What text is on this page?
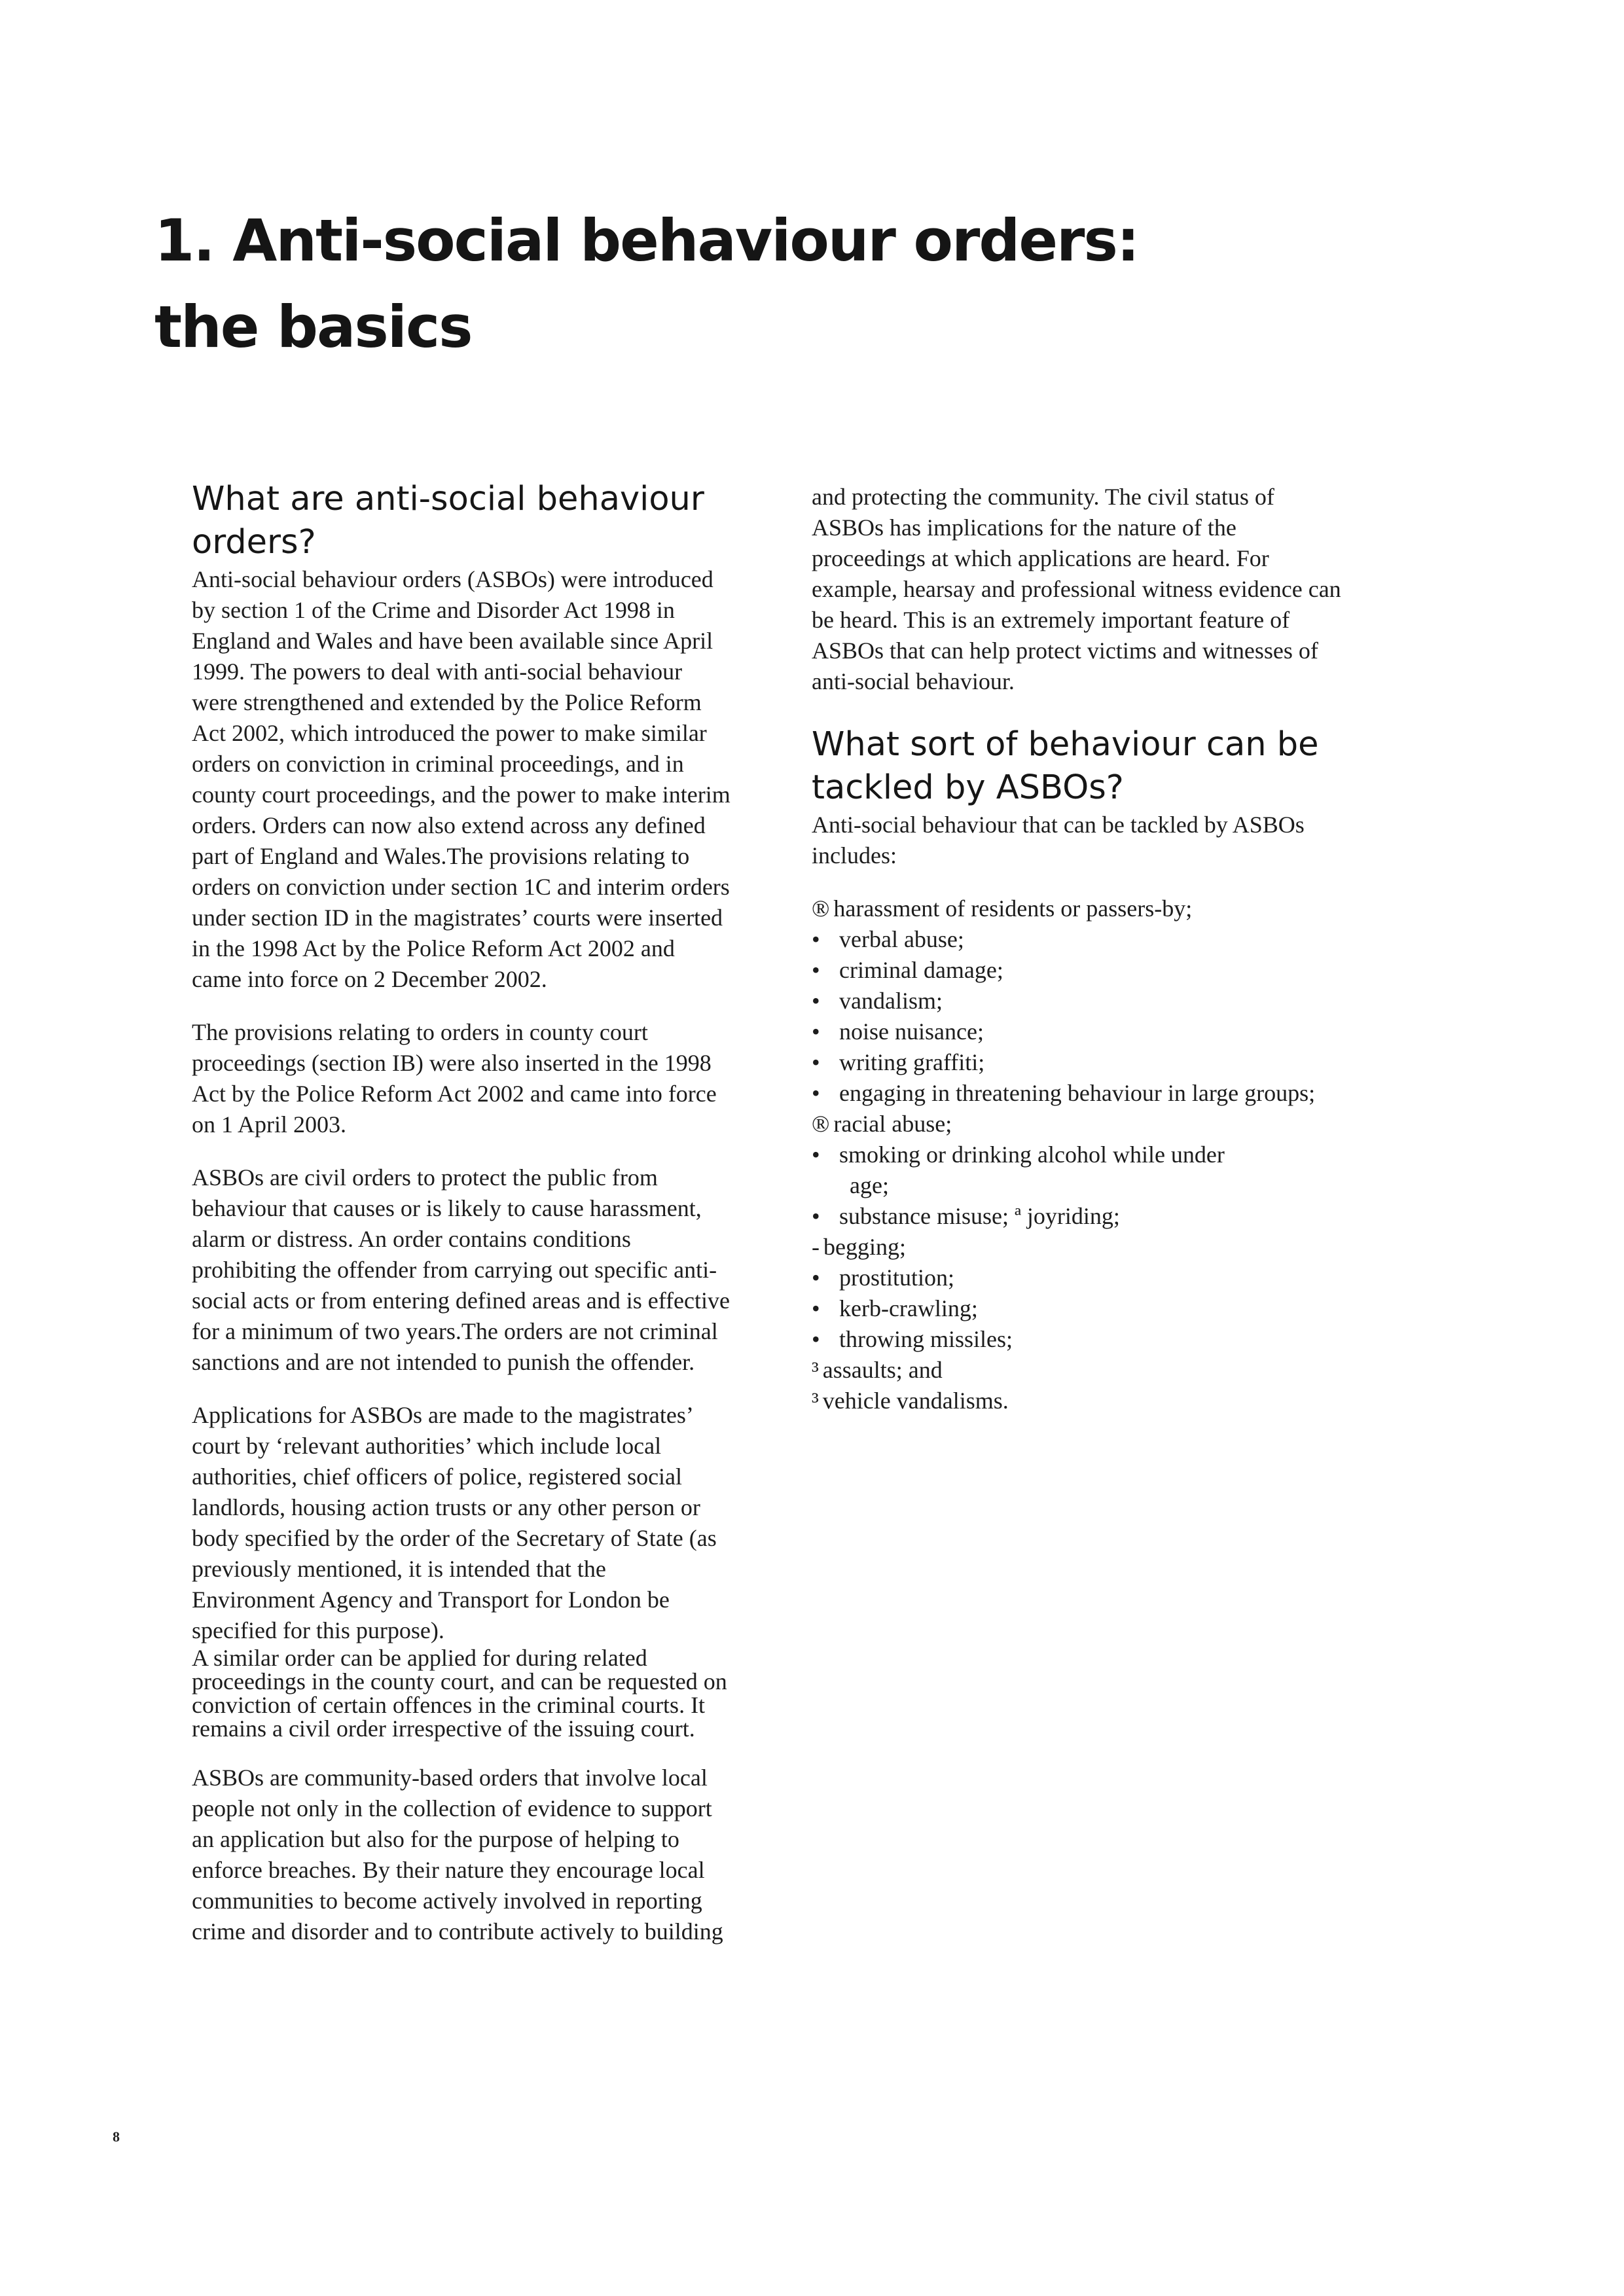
1. Anti-social behaviour orders:
the basics
What are anti-social behaviour
orders?
Anti-social behaviour orders (ASBOs) were introduced
by section 1 of the Crime and Disorder Act 1998 in
England and Wales and have been available since April
1999. The powers to deal with anti-social behaviour
were strengthened and extended by the Police Reform
Act 2002, which introduced the power to make similar
orders on conviction in criminal proceedings, and in
county court proceedings, and the power to make interim
orders. Orders can now also extend across any defined
part of England and Wales.The provisions relating to
orders on conviction under section 1C and interim orders
under section ID in the magistrates’ courts were inserted
in the 1998 Act by the Police Reform Act 2002 and
came into force on 2 December 2002.
The provisions relating to orders in county court
proceedings (section IB) were also inserted in the 1998
Act by the Police Reform Act 2002 and came into force
on 1 April 2003.
ASBOs are civil orders to protect the public from
behaviour that causes or is likely to cause harassment,
alarm or distress. An order contains conditions
prohibiting the offender from carrying out specific anti-
social acts or from entering defined areas and is effective
for a minimum of two years.The orders are not criminal
sanctions and are not intended to punish the offender.
Applications for ASBOs are made to the magistrates’
court by ‘relevant authorities’ which include local
authorities, chief officers of police, registered social
landlords, housing action trusts or any other person or
body specified by the order of the Secretary of State (as
previously mentioned, it is intended that the
Environment Agency and Transport for London be
specified for this purpose).
A similar order can be applied for during related
proceedings in the county court, and can be requested on
conviction of certain offences in the criminal courts. It
remains a civil order irrespective of the issuing court.
ASBOs are community-based orders that involve local
people not only in the collection of evidence to support
an application but also for the purpose of helping to
enforce breaches. By their nature they encourage local
communities to become actively involved in reporting
crime and disorder and to contribute actively to building
and protecting the community. The civil status of
ASBOs has implications for the nature of the
proceedings at which applications are heard. For
example, hearsay and professional witness evidence can
be heard. This is an extremely important feature of
ASBOs that can help protect victims and witnesses of
anti-social behaviour.
What sort of behaviour can be
tackled by ASBOs?
Anti-social behaviour that can be tackled by ASBOs
includes:
® harassment of residents or passers-by;
• verbal abuse;
• criminal damage;
• vandalism;
• noise nuisance;
• writing graffiti;
• engaging in threatening behaviour in large groups;
® racial abuse;
• smoking or drinking alcohol while under
age;
• substance misuse; ª joyriding;
- begging;
• prostitution;
• kerb-crawling;
• throwing missiles;
³ assaults; and
³ vehicle vandalisms.
8
